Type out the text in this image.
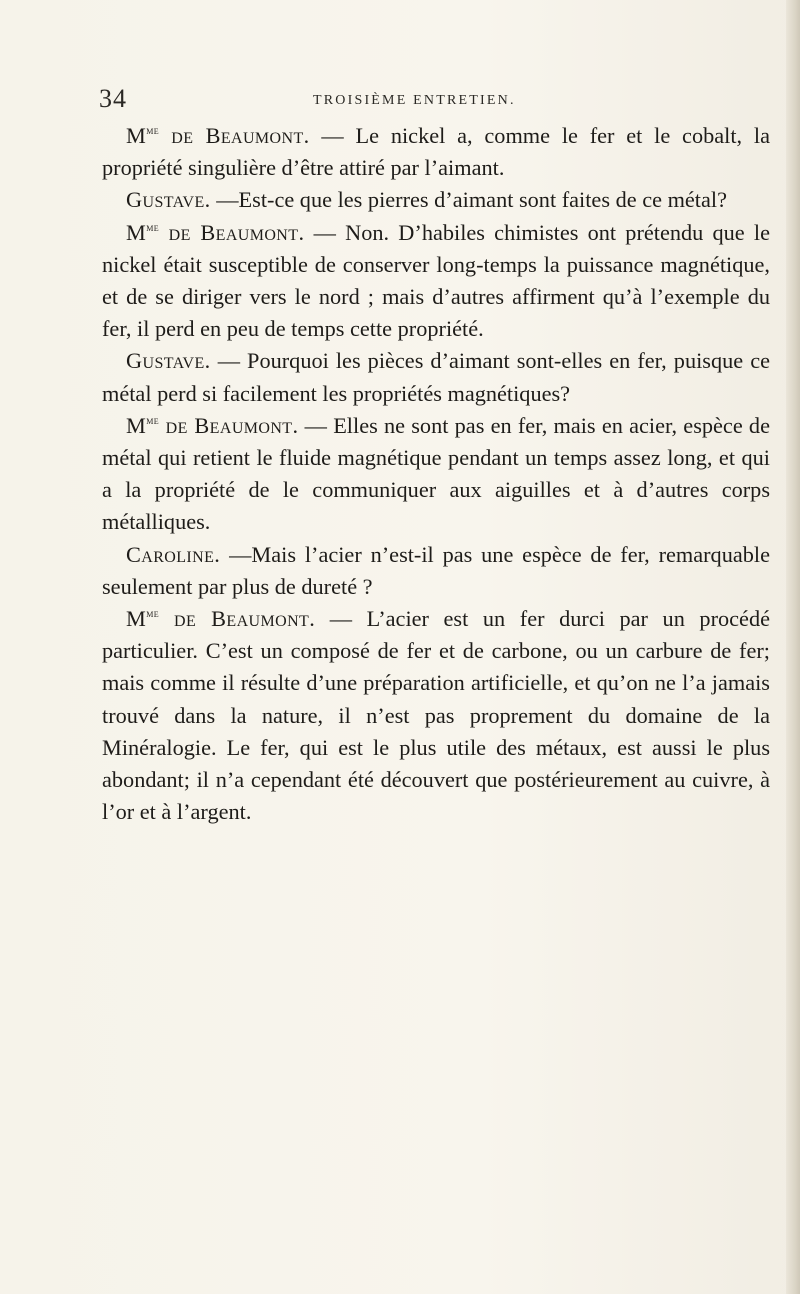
34	TROISIÈME ENTRETIEN.

$M^{me}$ de Beaumont. — Le nickel a, comme le fer et le cobalt, la propriété singulière d’être attiré par l’aimant.

Gustave. —Est-ce que les pierres d’aimant sont faites de ce métal?

$M^{me}$ de Beaumont. — Non. D’habiles chimistes ont prétendu que le nickel était susceptible de conserver long-temps la puissance magnétique, et de se diriger vers le nord ; mais d’autres affirment qu’à l’exemple du fer, il perd en peu de temps cette propriété.

Gustave. — Pourquoi les pièces d’aimant sont-elles en fer, puisque ce métal perd si facilement les propriétés magnétiques?

$M^{me}$ de Beaumont. — Elles ne sont pas en fer, mais en acier, espèce de métal qui retient le fluide magnétique pendant un temps assez long, et qui a la propriété de le communiquer aux aiguilles et à d’autres corps métalliques.

Caroline. —Mais l’acier n’est-il pas une espèce de fer, remarquable seulement par plus de dureté ?

$M^{me}$ de Beaumont. — L’acier est un fer durci par un procédé particulier. C’est un composé de fer et de carbone, ou un carbure de fer; mais comme il résulte d’une préparation artificielle, et qu’on ne l’a jamais trouvé dans la nature, il n’est pas proprement du domaine de la Minéralogie. Le fer, qui est le plus utile des métaux, est aussi le plus abondant; il n’a cependant été découvert que postérieurement au cuivre, à l’or et à l’argent.
